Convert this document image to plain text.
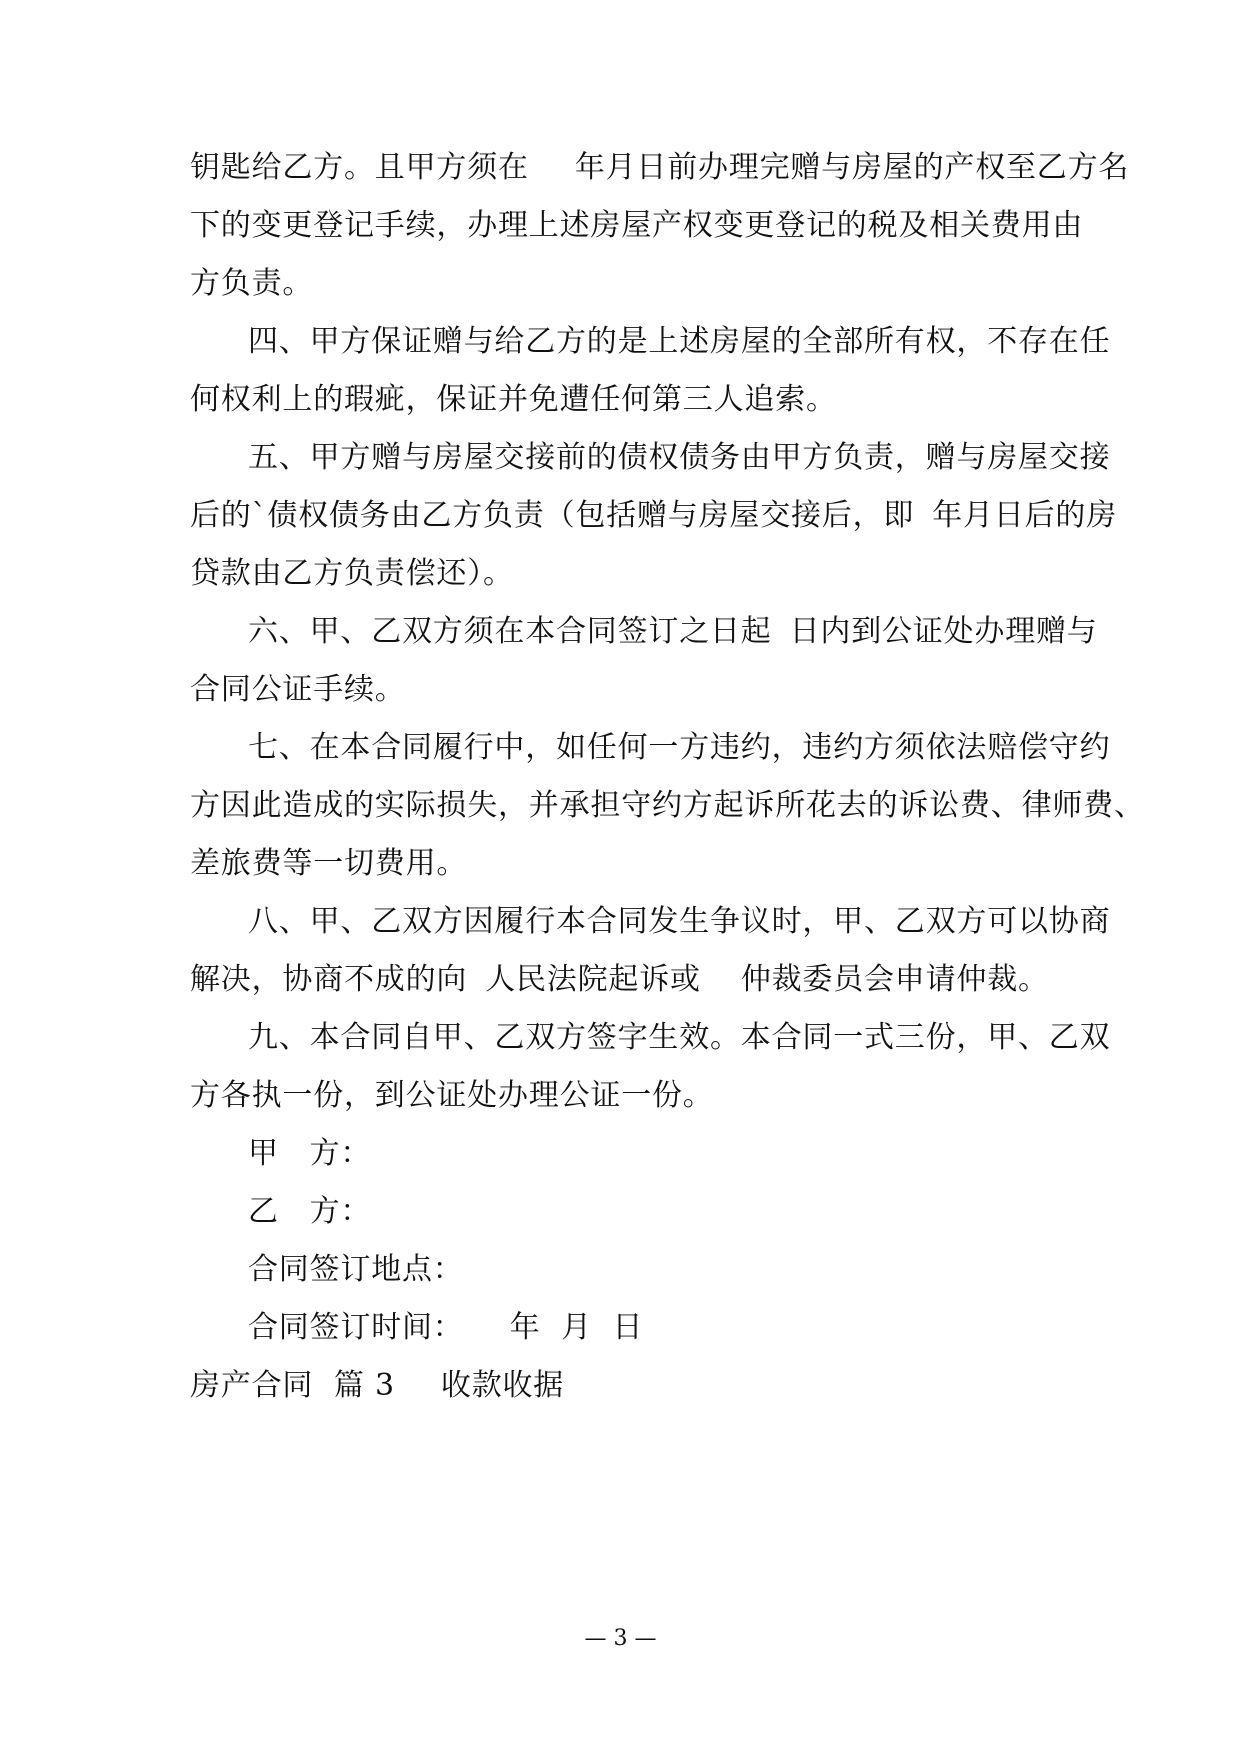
钥匙给乙方。且甲方须在 年月日前办理完赠与房屋的产权至乙方名
下的变更登记手续，办理上述房屋产权变更登记的税及相关费用由
方负责。
四、甲方保证赠与给乙方的是上述房屋的全部所有权，不存在任
何权利上的瑕疵，保证并免遭任何第三人追索。
五、甲方赠与房屋交接前的债权债务由甲方负责，赠与房屋交接
后的`债权债务由乙方负责（包括赠与房屋交接后，即 年月日后的房
贷款由乙方负责偿还）。
六、甲、乙双方须在本合同签订之日起 日内到公证处办理赠与
合同公证手续。
七、在本合同履行中，如任何一方违约，违约方须依法赔偿守约
方因此造成的实际损失，并承担守约方起诉所花去的诉讼费、律师费、
差旅费等一切费用。
八、甲、乙双方因履行本合同发生争议时，甲、乙双方可以协商
解决，协商不成的向 人民法院起诉或 仲裁委员会申请仲裁。
九、本合同自甲、乙双方签字生效。本合同一式三份，甲、乙双
方各执一份，到公证处办理公证一份。
甲　方：
乙　方：
合同签订地点：
合同签订时间： 年  月  日
房产合同  篇 3 收款收据
— 3 —
